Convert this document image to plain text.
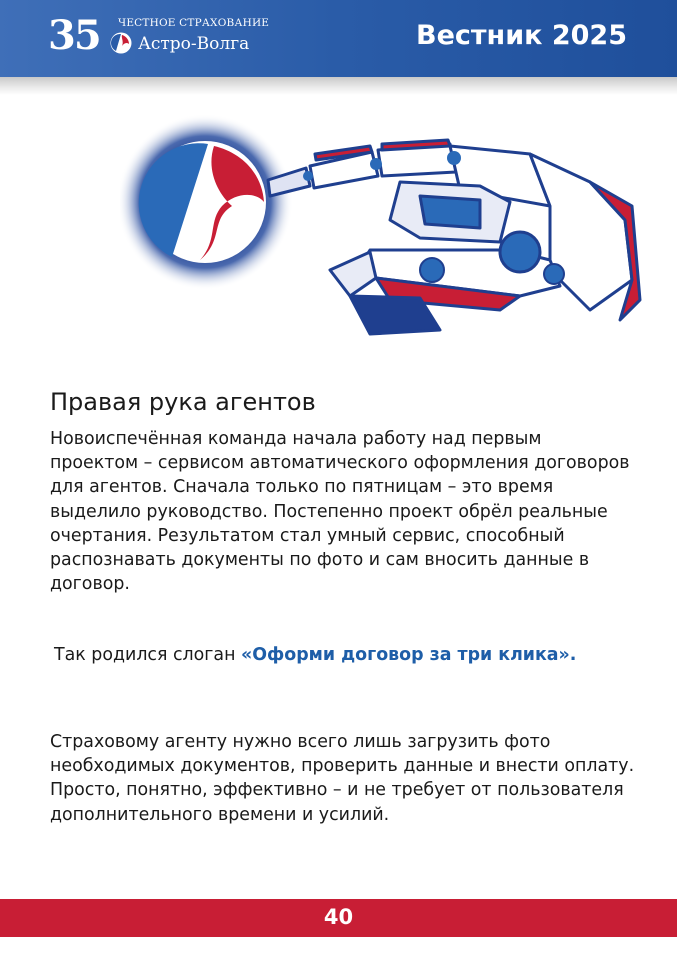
35 ЧЕСТНОЕ СТРАХОВАНИЕ
Астро-Волга	Вестник 2025
Правая рука агентов

Новоиспечённая команда начала работу над первым проектом – сервисом автоматического оформления договоров для агентов. Сначала только по пятницам – это время выделило руководство. Постепенно проект обрёл реальные очертания. Результатом стал умный сервис, способный распознавать документы по фото и сам вносить данные в договор.

Так родился слоган «Оформи договор за три клика».

Страховому агенту нужно всего лишь загрузить фото необходимых документов, проверить данные и внести оплату. Просто, понятно, эффективно – и не требует от пользователя дополнительного времени и усилий.

40
